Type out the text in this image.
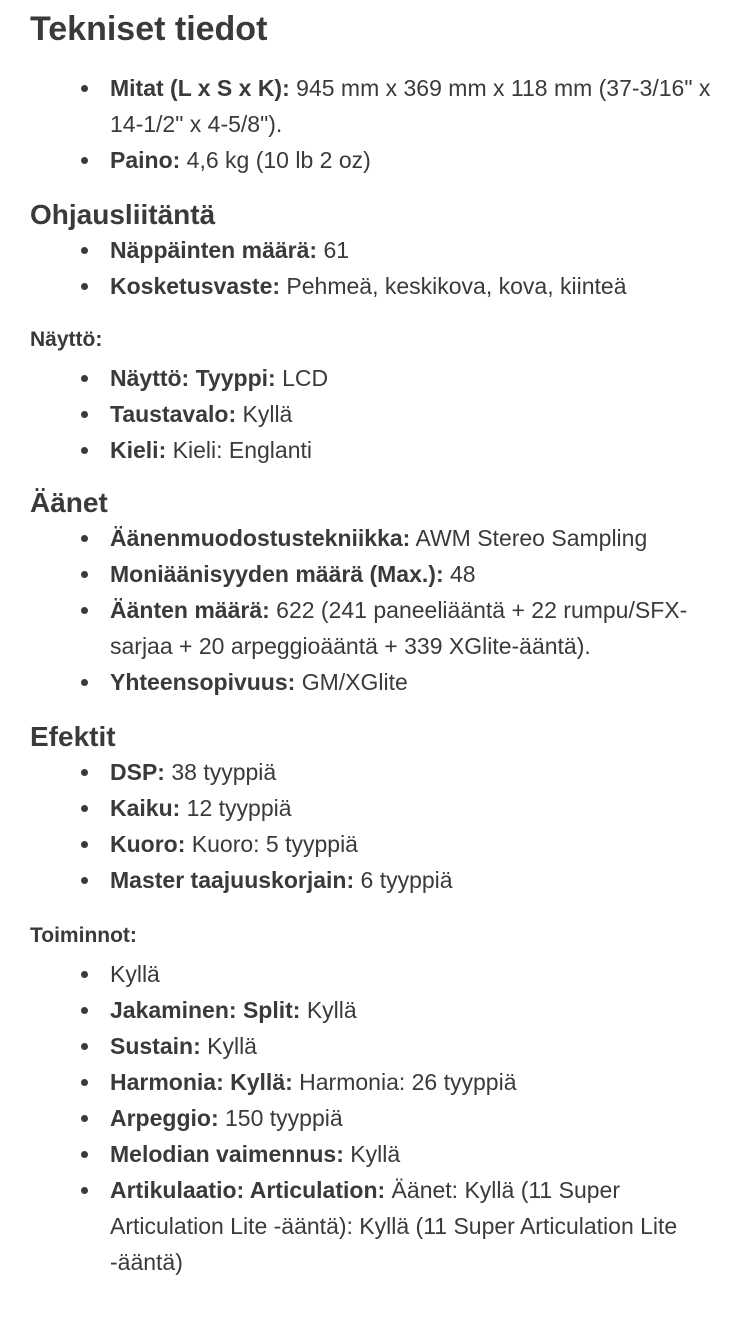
Tekniset tiedot
Mitat (L x S x K): 945 mm x 369 mm x 118 mm (37-3/16" x 14-1/2" x 4-5/8").
Paino: 4,6 kg (10 lb 2 oz)
Ohjausliitäntä
Näppäinten määrä: 61
Kosketusvaste: Pehmeä, keskikova, kova, kiinteä
Näyttö:
Näyttö: Tyyppi: LCD
Taustavalo: Kyllä
Kieli: Kieli: Englanti
Äänet
Äänenmuodostustekniikka: AWM Stereo Sampling
Moniäänisyyden määrä (Max.): 48
Äänten määrä: 622 (241 paneeliääntä + 22 rumpu/SFX-sarjaa + 20 arpeggioääntä + 339 XGlite-ääntä).
Yhteensopivuus: GM/XGlite
Efektit
DSP: 38 tyyppiä
Kaiku: 12 tyyppiä
Kuoro: Kuoro: 5 tyyppiä
Master taajuuskorjain: 6 tyyppiä
Toiminnot:
Kyllä
Jakaminen: Split: Kyllä
Sustain: Kyllä
Harmonia: Kyllä: Harmonia: 26 tyyppiä
Arpeggio: 150 tyyppiä
Melodian vaimennus: Kyllä
Artikulaatio: Articulation: Äänet: Kyllä (11 Super Articulation Lite -ääntä): Kyllä (11 Super Articulation Lite -ääntä)
